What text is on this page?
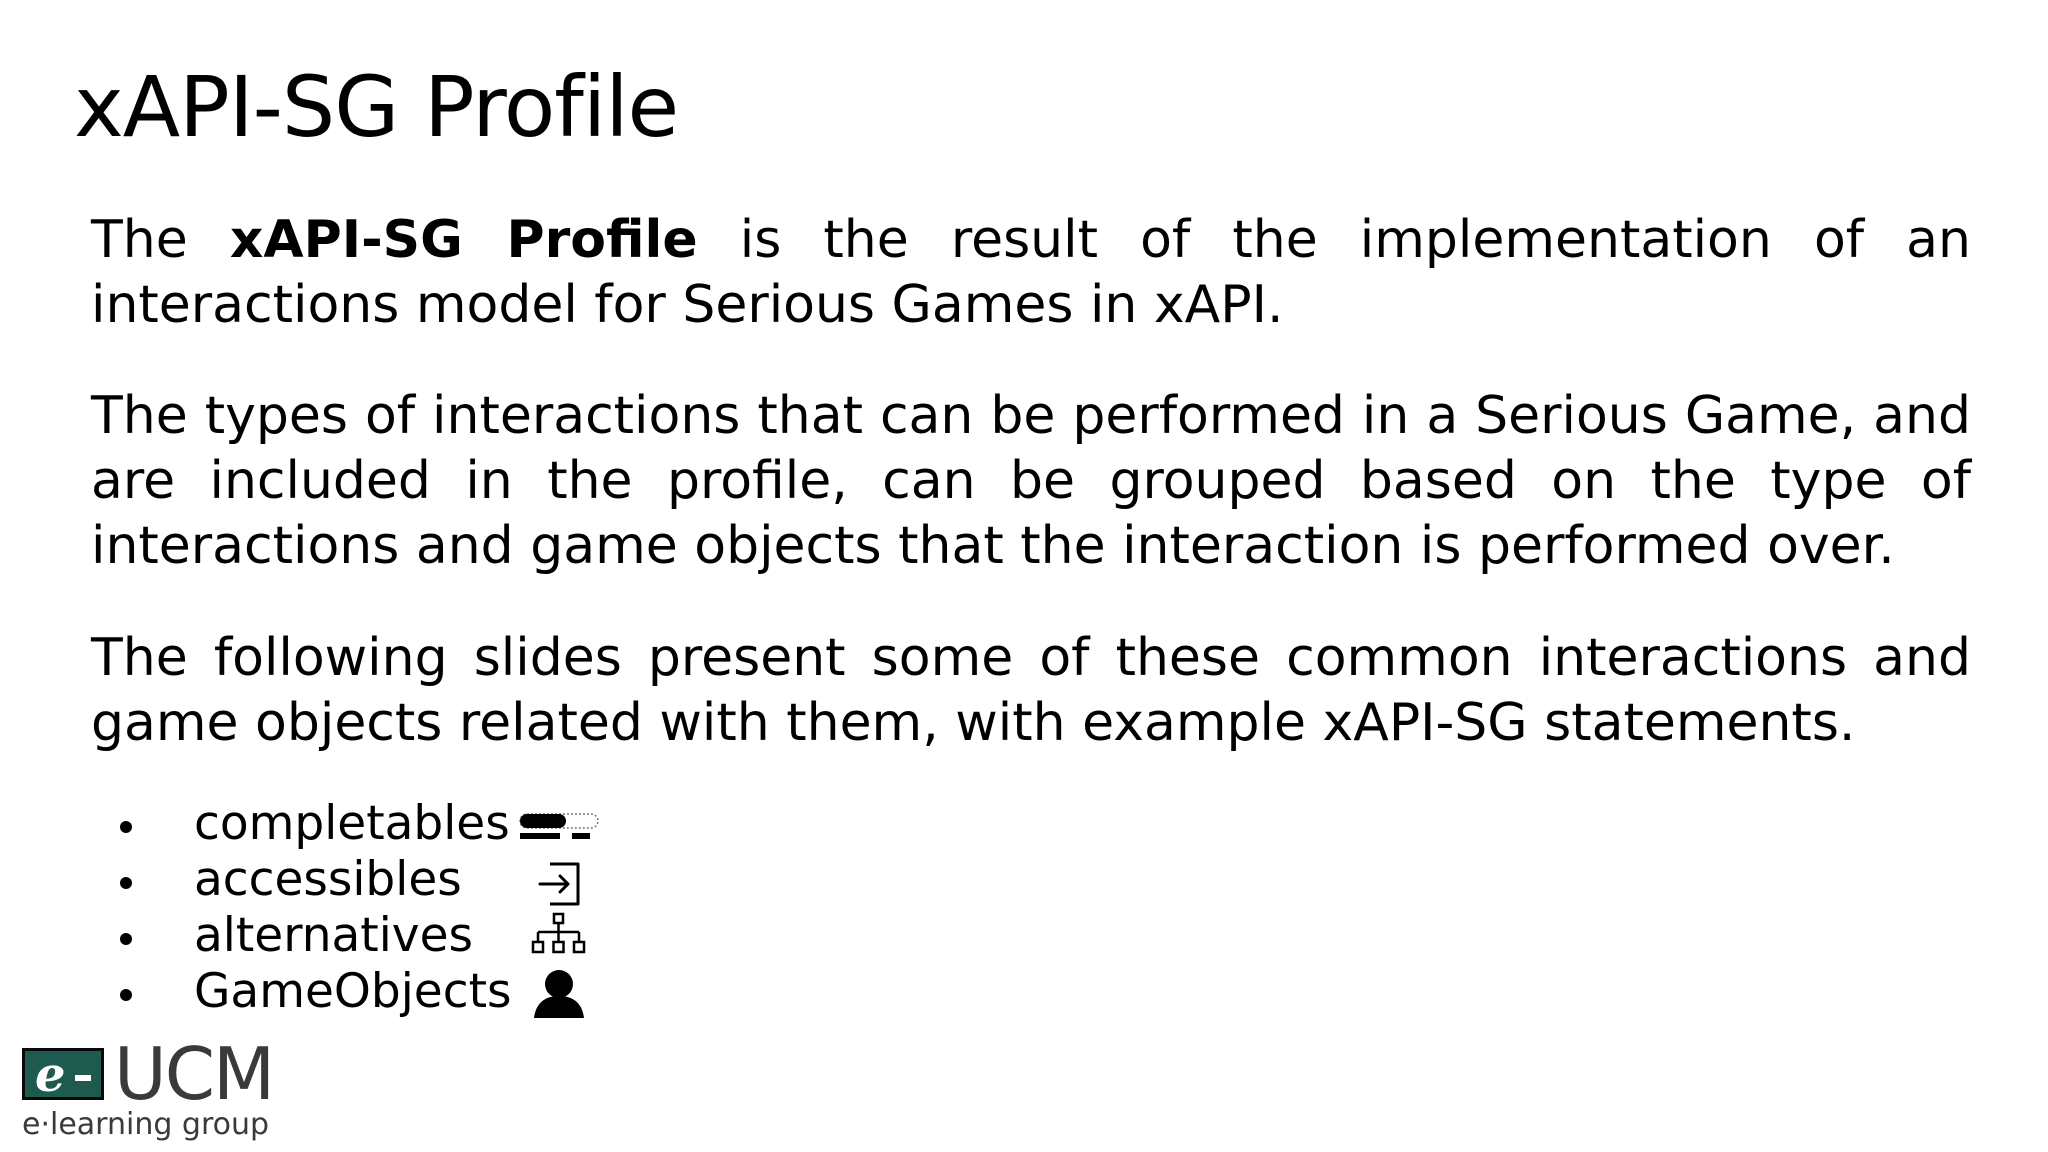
xAPI-SG Profile

The xAPI-SG Profile is the result of the implementation of an interactions model for Serious Games in xAPI.

The types of interactions that can be performed in a Serious Game, and are included in the profile, can be grouped based on the type of interactions and game objects that the interaction is performed over.

The following slides present some of these common interactions and game objects related with them, with example xAPI-SG statements.

completables
accessibles
alternatives
GameObjects
e UCM
e·learning group
